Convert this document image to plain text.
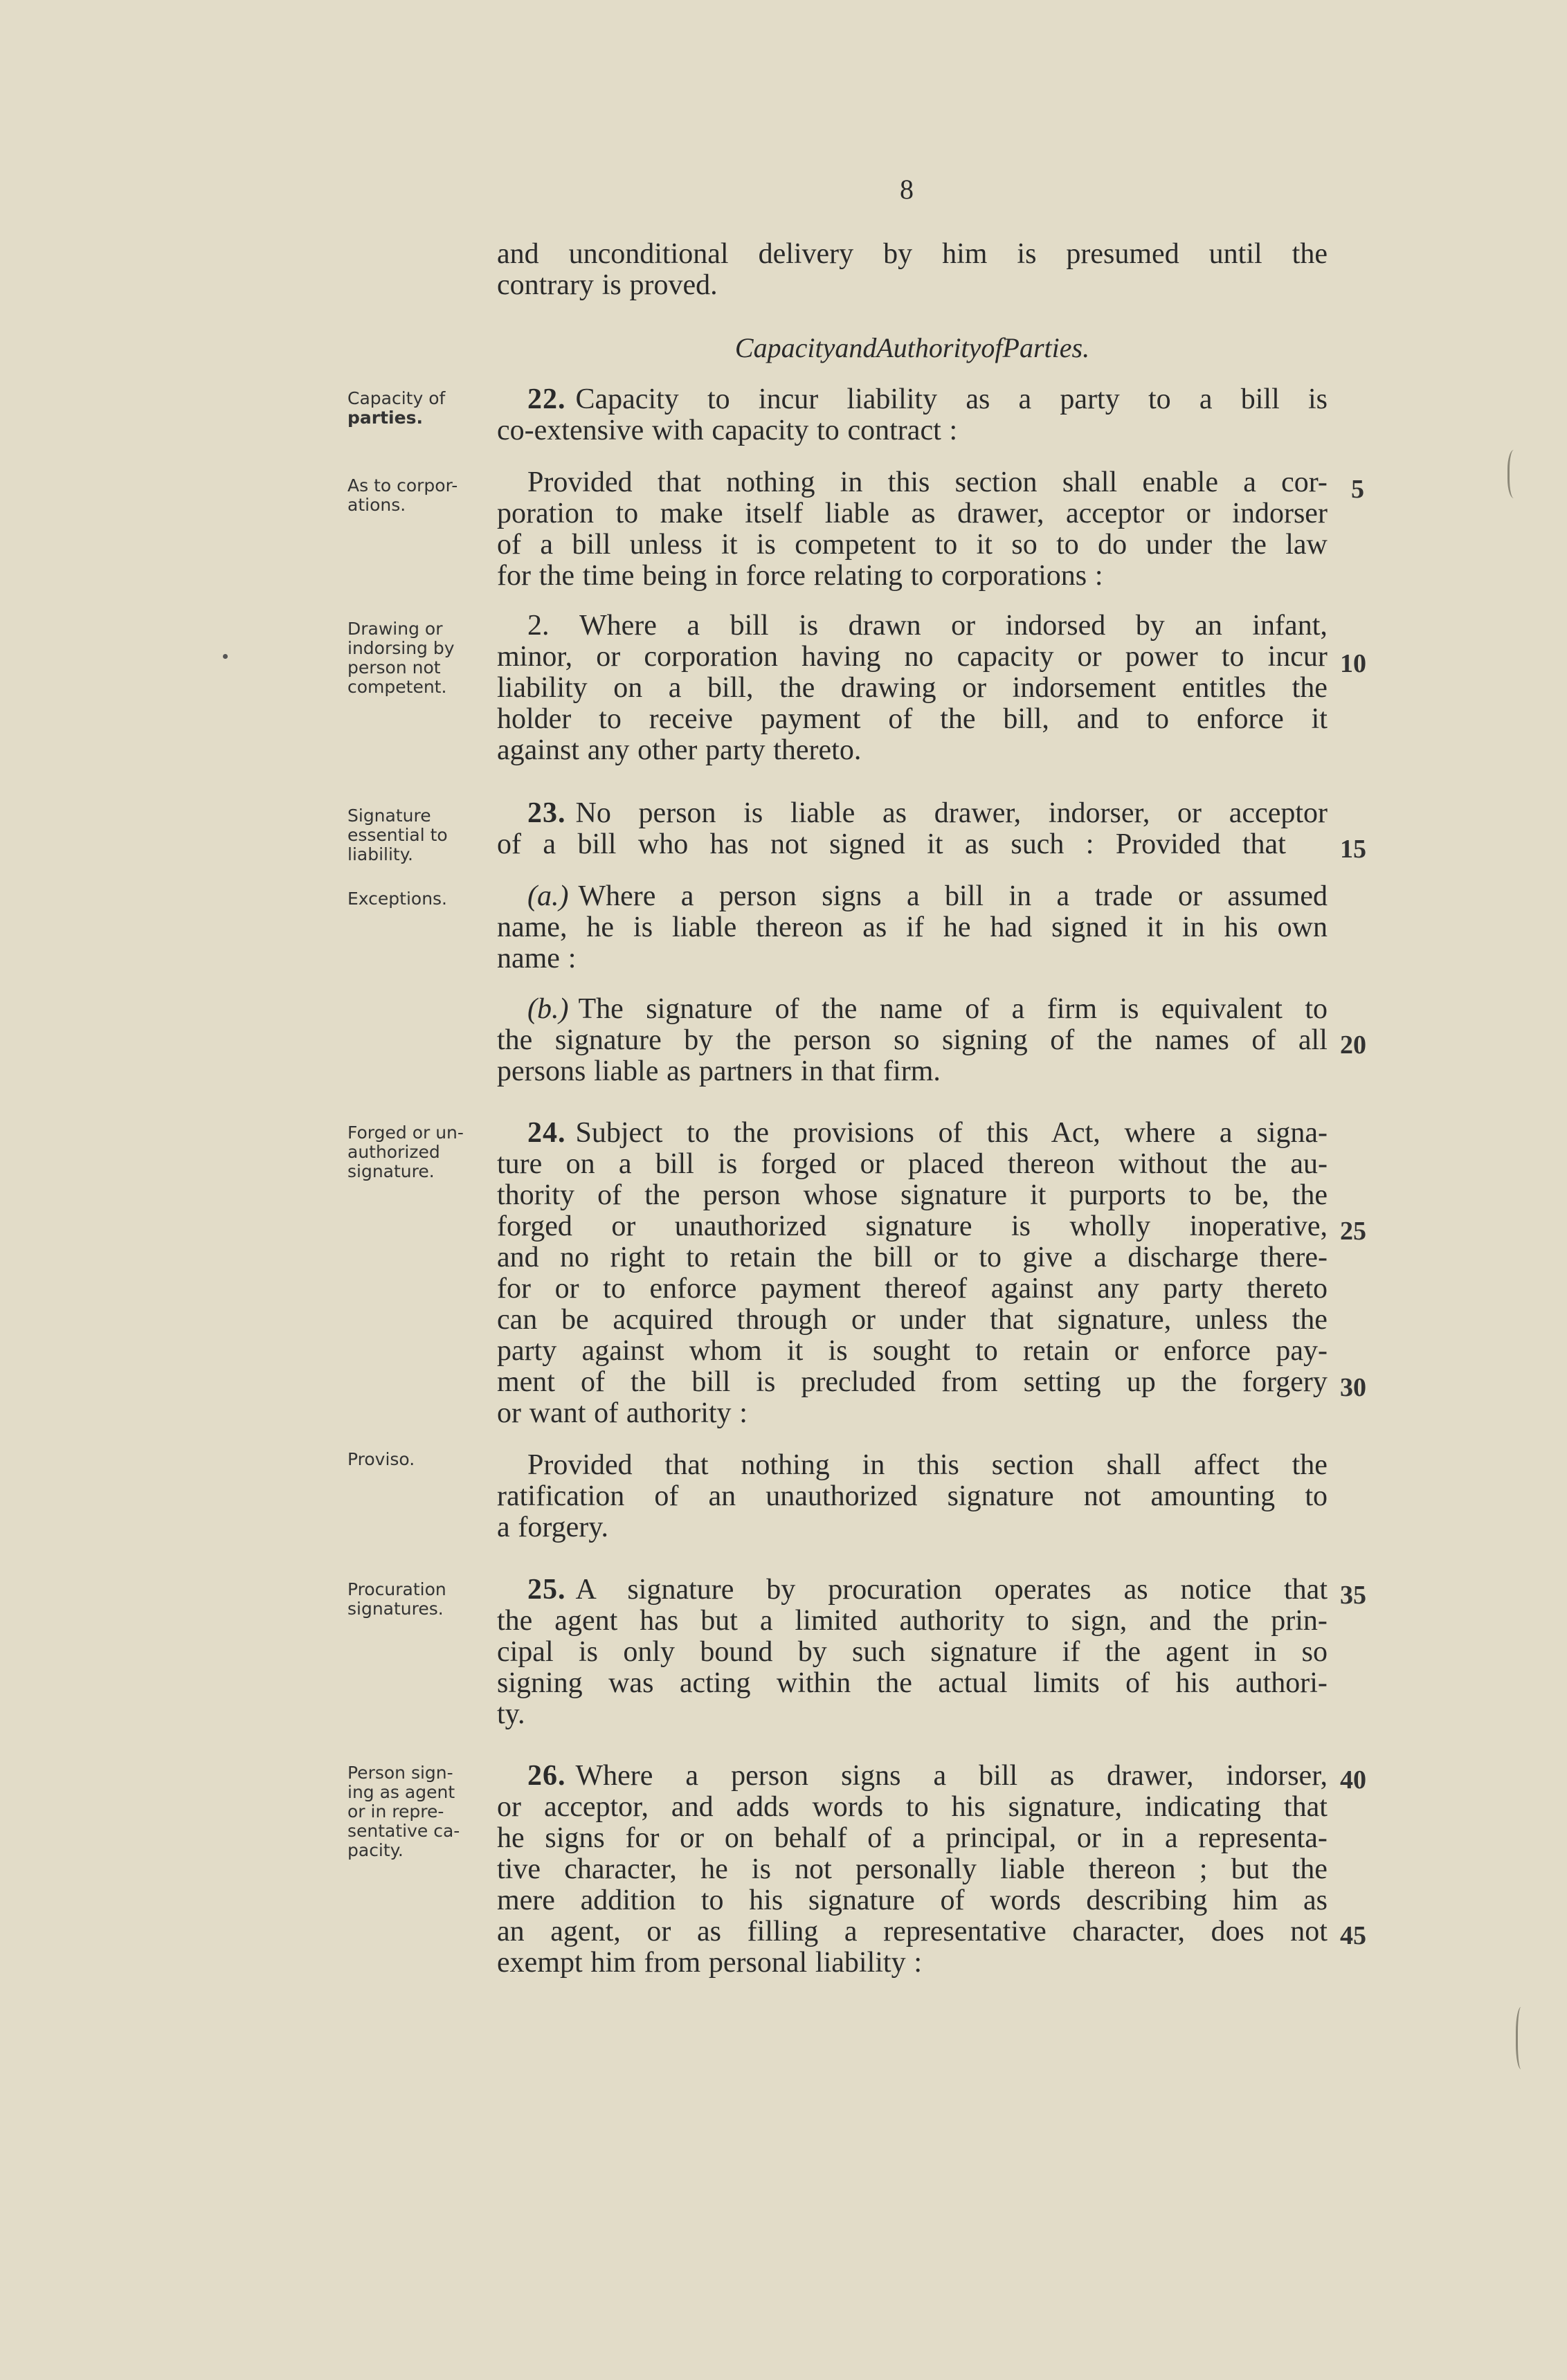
8
and unconditional delivery by him is presumed until the
contrary is proved.
Capacity and Authority of Parties.
Capacity of
parties.
22. Capacity to incur liability as a party to a bill is
co-extensive with capacity to contract :
As to corpor-
ations.
Provided that nothing in this section shall enable a cor-
poration to make itself liable as drawer, acceptor or indorser
of a bill unless it is competent to it so to do under the law
for the time being in force relating to corporations :
Drawing or
indorsing by
person not
competent.
2. Where a bill is drawn or indorsed by an infant,
minor, or corporation having no capacity or power to incur
liability on a bill, the drawing or indorsement entitles the
holder to receive payment of the bill, and to enforce it
against any other party thereto.
Signature
essential to
liability.
23. No person is liable as drawer, indorser, or acceptor
of a bill who has not signed it as such : Provided that
Exceptions.	(a.) Where a person signs a bill in a trade or assumed
name, he is liable thereon as if he had signed it in his own
name :
(b.) The signature of the name of a firm is equivalent to
the signature by the person so signing of the names of all
persons liable as partners in that firm.
Forged or un-
authorized
signature.
24. Subject to the provisions of this Act, where a signa-
ture on a bill is forged or placed thereon without the au-
thority of the person whose signature it purports to be, the
forged or unauthorized signature is wholly inoperative,
and no right to retain the bill or to give a discharge there-
for or to enforce payment thereof against any party thereto
can be acquired through or under that signature, unless the
party against whom it is sought to retain or enforce pay-
ment of the bill is precluded from setting up the forgery
or want of authority :
Proviso.	Provided that nothing in this section shall affect the
ratification of an unauthorized signature not amounting to
a forgery.
Procuration
signatures.
25. A signature by procuration operates as notice that
the agent has but a limited authority to sign, and the prin-
cipal is only bound by such signature if the agent in so
signing was acting within the actual limits of his authori-
ty.
Person sign-
ing as agent
or in repre-
sentative ca-
pacity.
26. Where a person signs a bill as drawer, indorser,
or acceptor, and adds words to his signature, indicating that
he signs for or on behalf of a principal, or in a representa-
tive character, he is not personally liable thereon ; but the
mere addition to his signature of words describing him as
an agent, or as filling a representative character, does not
exempt him from personal liability :
5
10
15
20
25
30
35
40
45
